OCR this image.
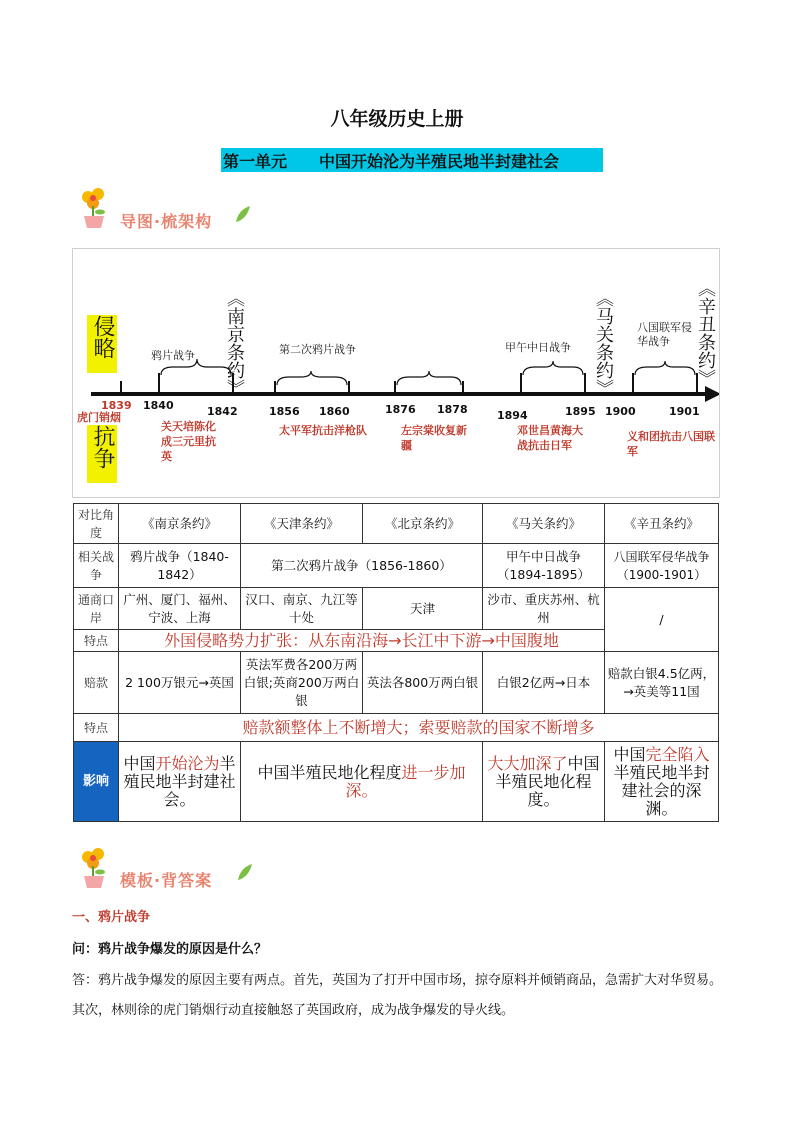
八年级历史上册
第一单元 中国开始沦为半殖民地半封建社会
导图·梳架构
侵略
抗争
鸦片战争	第二次鸦片战争	甲午中日战争
八国联军侵华战争
《南京条约》	《马关条约》	《辛丑条约》
1839
虎门销烟
1840	1842	1856 1860	1876 1878	1894	1895 1900	1901
关天培陈化成三元里抗英
太平军抗击洋枪队	左宗棠收复新疆
邓世昌黄海大战抗击日军
义和团抗击八国联军
对比角度	《南京条约》	《天津条约》	《北京条约》	《马关条约》	《辛丑条约》
相关战争	鸦片战争（1840-1842）	第二次鸦片战争（1856-1860）		甲午中日战争（1894-1895）	八国联军侵华战争（1900-1901）
通商口岸	广州、厦门、福州、宁波、上海	汉口、南京、九江等十处	天津	沙市、重庆苏州、杭州	/
特点	外国侵略势力扩张：从东南沿海→长江中下游→中国腹地				
赔款	2 100万银元→英国	英法军费各200万两白银;英商200万两白银	英法各800万两白银	白银2亿两→日本	赔款白银4.5亿两，→英美等11国
特点	赔款额整体上不断增大；索要赔款的国家不断增多				
影响	中国开始沦为半殖民地半封建社会。	中国半殖民地化程度进一步加深。		大大加深了中国半殖民地化程度。	中国完全陷入半殖民地半封建社会的深渊。
模板·背答案
一、鸦片战争
问：鸦片战争爆发的原因是什么？
答：鸦片战争爆发的原因主要有两点。首先，英国为了打开中国市场，掠夺原料并倾销商品，急需扩大对华贸易。其次，林则徐的虎门销烟行动直接触怒了英国政府，成为战争爆发的导火线。
